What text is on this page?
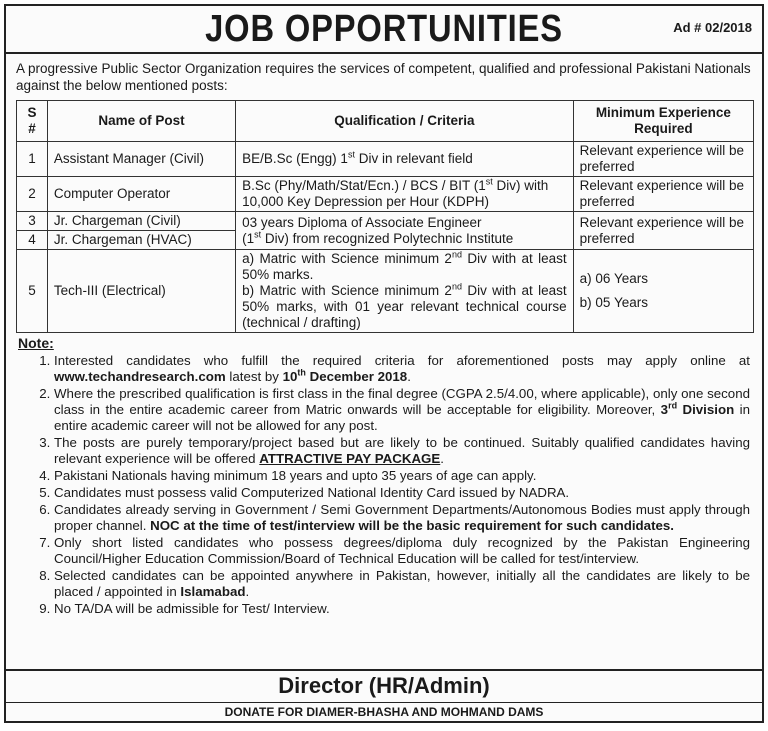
JOB OPPORTUNITIES	Ad # 02/2018
A progressive Public Sector Organization requires the services of competent, qualified and professional Pakistani Nationals against the below mentioned posts:
S
#	Name of Post	Qualification / Criteria	Minimum Experience
Required
1	Assistant Manager (Civil)	BE/B.Sc (Engg) 1st Div in relevant field	Relevant experience will be preferred
2	Computer Operator	B.Sc (Phy/Math/Stat/Ecn.) / BCS / BIT (1st Div) with 10,000 Key Depression per Hour (KDPH)	Relevant experience will be preferred
3	Jr. Chargeman (Civil)	03 years Diploma of Associate Engineer
(1st Div) from recognized Polytechnic Institute	Relevant experience will be preferred
4	Jr. Chargeman (HVAC)		
5	Tech-III (Electrical)	a) Matric with Science minimum 2nd Div with at least 50% marks.
b) Matric with Science minimum 2nd Div with at least 50% marks, with 01 year relevant technical course (technical / drafting)	a) 06 Years
b) 05 Years
Note:
1. Interested candidates who fulfill the required criteria for aforementioned posts may apply online at www.techandresearch.com latest by 10th December 2018.
2. Where the prescribed qualification is first class in the final degree (CGPA 2.5/4.00, where applicable), only one second class in the entire academic career from Matric onwards will be acceptable for eligibility. Moreover, 3rd Division in entire academic career will not be allowed for any post.
3. The posts are purely temporary/project based but are likely to be continued. Suitably qualified candidates having relevant experience will be offered ATTRACTIVE PAY PACKAGE.
4. Pakistani Nationals having minimum 18 years and upto 35 years of age can apply.
5. Candidates must possess valid Computerized National Identity Card issued by NADRA.
6. Candidates already serving in Government / Semi Government Departments/Autonomous Bodies must apply through proper channel. NOC at the time of test/interview will be the basic requirement for such candidates.
7. Only short listed candidates who possess degrees/diploma duly recognized by the Pakistan Engineering Council/Higher Education Commission/Board of Technical Education will be called for test/interview.
8. Selected candidates can be appointed anywhere in Pakistan, however, initially all the candidates are likely to be placed / appointed in Islamabad.
9. No TA/DA will be admissible for Test/ Interview.
Director (HR/Admin)
DONATE FOR DIAMER-BHASHA AND MOHMAND DAMS
